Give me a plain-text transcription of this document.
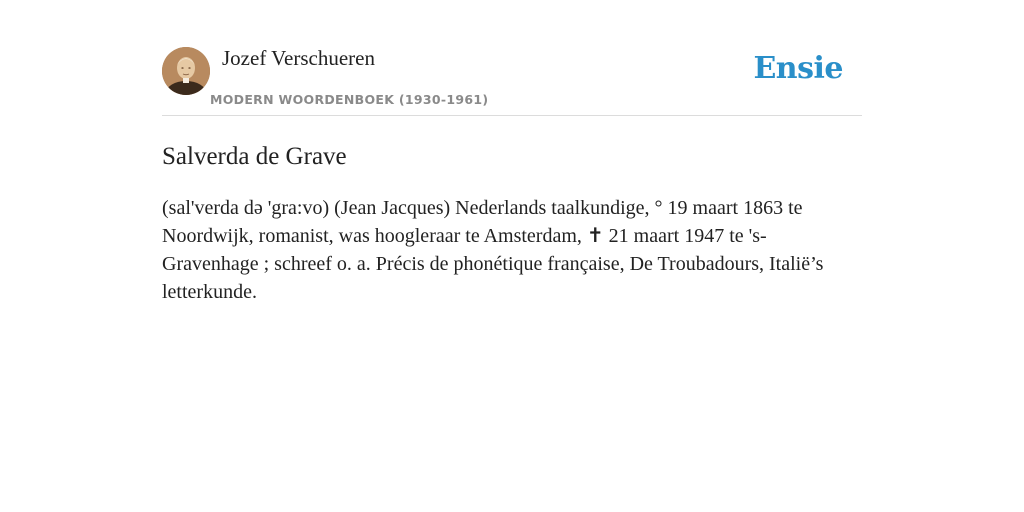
Jozef Verschueren
MODERN WOORDENBOEK (1930-1961)
Ensie
Salverda de Grave

(sal'verda də 'gra:vo) (Jean Jacques) Nederlands taalkundige, ° 19 maart 1863 te Noordwijk, romanist, was hoogleraar te Amsterdam, ✝ 21 maart 1947 te 's-Gravenhage ; schreef o. a. Précis de phonétique française, De Troubadours, Italië’s letterkunde.
